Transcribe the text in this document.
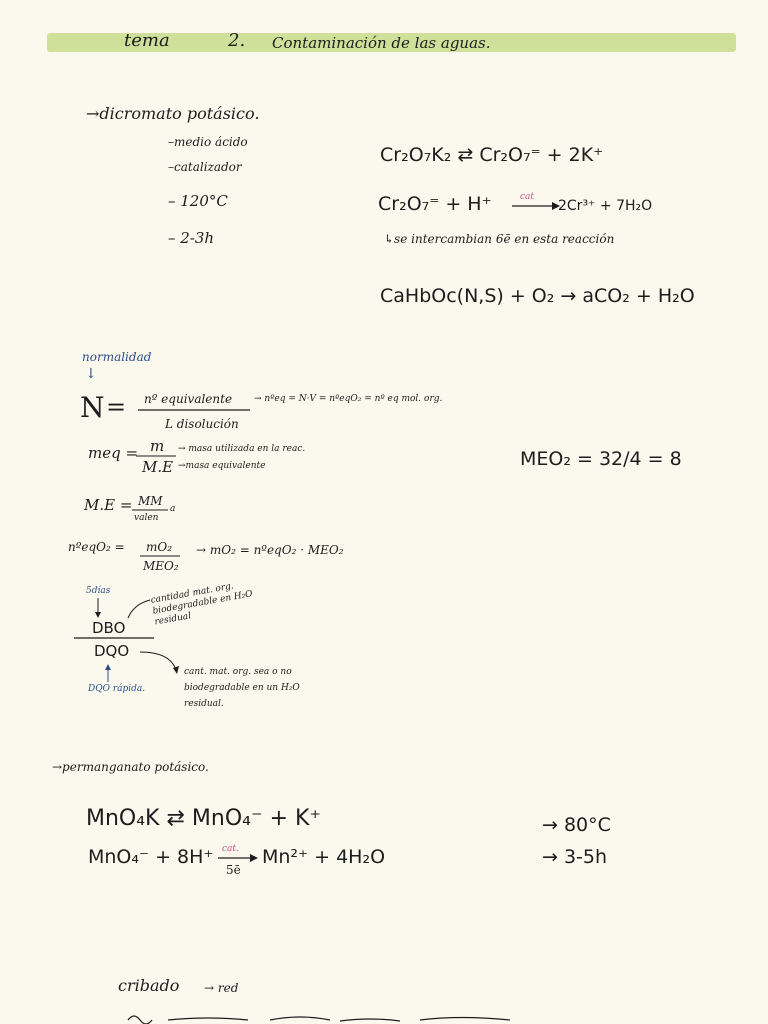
tema	2. Contaminación de las aguas.
→dicromato potásico.
–medio ácido
–catalizador
– 120°C
– 2-3h
Cr₂O₇K₂ ⇄ Cr₂O₇⁼ + 2K⁺
Cr₂O₇⁼ + H⁺	cat
2Cr³⁺ + 7H₂O
↳se intercambian 6ē en esta reacción
CaHbOc(N,S) + O₂ → aCO₂ + H₂O
normalidad
↓
N = nº equivalente
L disolución
→ nºeq = N·V = nºeqO₂ = nº eq mol. org.
meq = m
M.E
→ masa utilizada en la reac.
→masa equivalente	MEO₂ = 32/4 = 8
M.E = MM
valen
a
nºeqO₂ = mO₂
MEO₂
→ mO₂ = nºeqO₂ · MEO₂
5días
DBO
DQO
cantidad mat. org. biodegradable en H₂O residual
cant. mat. org. sea o no biodegradable en un H₂O residual.
DQO rápida.
→permanganato potásico.
MnO₄K ⇄ MnO₄⁻ + K⁺
MnO₄⁻ + 8H⁺ cat.
5ē
Mn²⁺ + 4H₂O
→ 80°C
→ 3-5h
cribado → red
